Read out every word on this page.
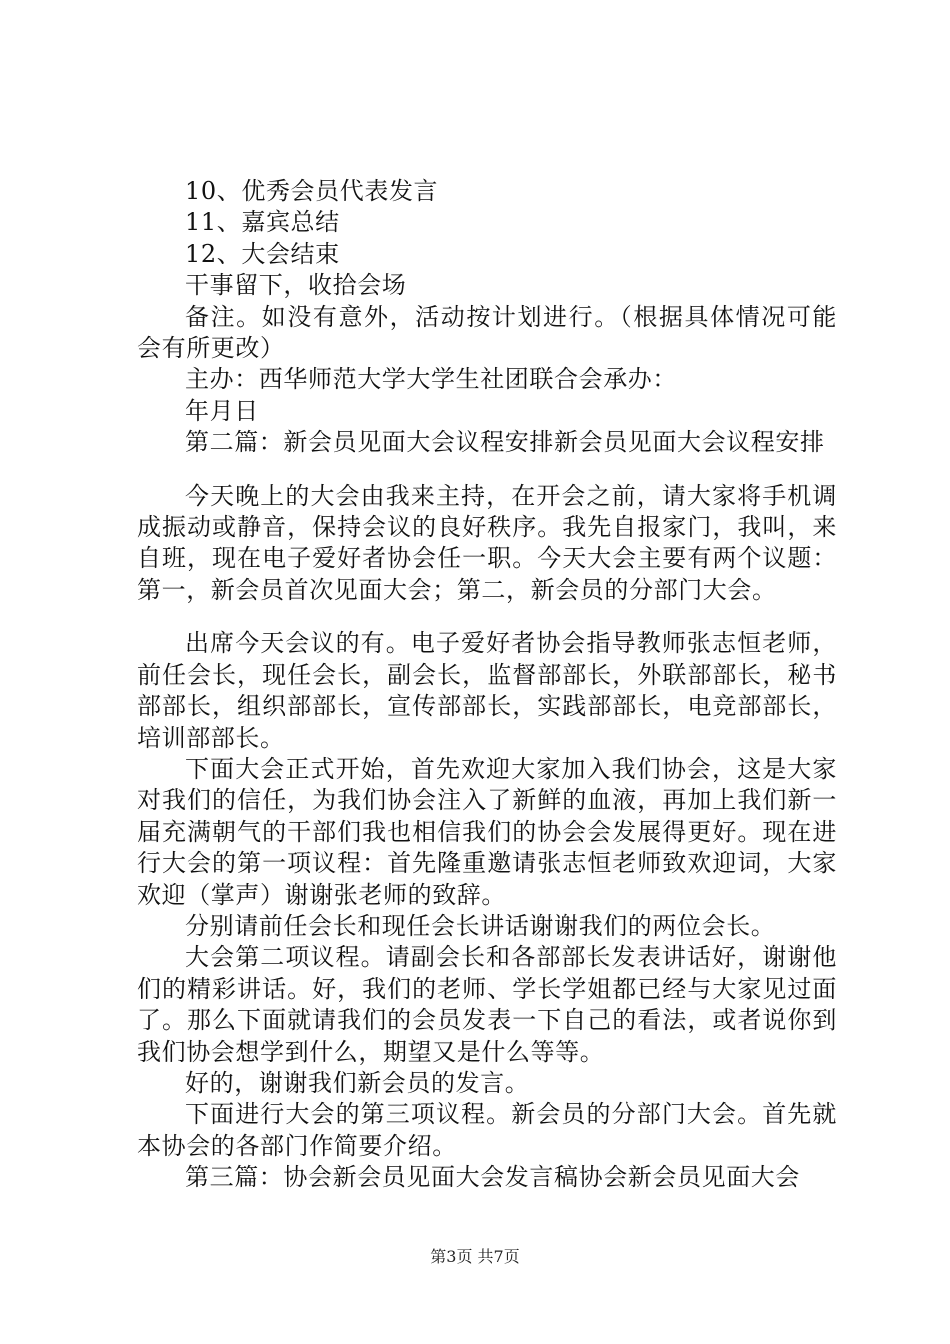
10、优秀会员代表发言

11、嘉宾总结

12、大会结束

干事留下，收拾会场

备注。如没有意外，活动按计划进行。（根据具体情况可能会有所更改）

主办：西华师范大学大学生社团联合会承办：

年月日

第二篇：新会员见面大会议程安排新会员见面大会议程安排

今天晚上的大会由我来主持，在开会之前，请大家将手机调成振动或静音，保持会议的良好秩序。我先自报家门，我叫，来自班，现在电子爱好者协会任一职。今天大会主要有两个议题：第一，新会员首次见面大会；第二，新会员的分部门大会。

出席今天会议的有。电子爱好者协会指导教师张志恒老师，前任会长，现任会长，副会长，监督部部长，外联部部长，秘书部部长，组织部部长，宣传部部长，实践部部长，电竞部部长，培训部部长。

下面大会正式开始，首先欢迎大家加入我们协会，这是大家对我们的信任，为我们协会注入了新鲜的血液，再加上我们新一届充满朝气的干部们我也相信我们的协会会发展得更好。现在进行大会的第一项议程：首先隆重邀请张志恒老师致欢迎词，大家欢迎（掌声）谢谢张老师的致辞。

分别请前任会长和现任会长讲话谢谢我们的两位会长。

大会第二项议程。请副会长和各部部长发表讲话好，谢谢他们的精彩讲话。好，我们的老师、学长学姐都已经与大家见过面了。那么下面就请我们的会员发表一下自己的看法，或者说你到我们协会想学到什么，期望又是什么等等。

好的，谢谢我们新会员的发言。

下面进行大会的第三项议程。新会员的分部门大会。首先就本协会的各部门作简要介绍。

第三篇：协会新会员见面大会发言稿协会新会员见面大会

第3页 共7页
